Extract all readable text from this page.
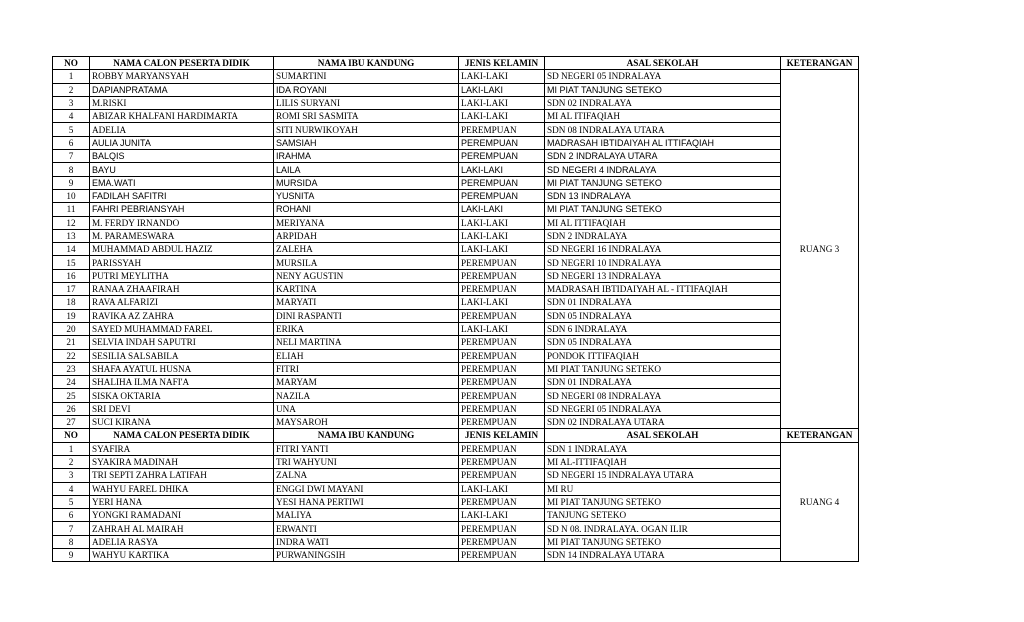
NO	NAMA CALON PESERTA DIDIK	NAMA IBU KANDUNG	JENIS KELAMIN	ASAL SEKOLAH	KETERANGAN
1	ROBBY MARYANSYAH	SUMARTINI	LAKI-LAKI	SD NEGERI 05 INDRALAYA	RUANG 3
2	DAPIANPRATAMA	IDA ROYANI	LAKI-LAKI	MI PIAT TANJUNG SETEKO	
3	M.RISKI	LILIS SURYANI	LAKI-LAKI	SDN 02 INDRALAYA	
4	ABIZAR KHALFANI HARDIMARTA	ROMI SRI SASMITA	LAKI-LAKI	MI AL ITIFAQIAH	
5	ADELIA	SITI NURWIKOYAH	PEREMPUAN	SDN 08 INDRALAYA UTARA	
6	AULIA JUNITA	SAMSIAH	PEREMPUAN	MADRASAH IBTIDAIYAH AL ITTIFAQIAH	
7	BALQIS	IRAHMA	PEREMPUAN	SDN 2 INDRALAYA UTARA	
8	BAYU	LAILA	LAKI-LAKI	SD NEGERI 4 INDRALAYA	
9	EMA.WATI	MURSIDA	PEREMPUAN	MI PIAT TANJUNG SETEKO	
10	FADILAH SAFITRI	YUSNITA	PEREMPUAN	SDN 13 INDRALAYA	
11	FAHRI PEBRIANSYAH	ROHANI	LAKI-LAKI	MI PIAT TANJUNG SETEKO	
12	M. FERDY IRNANDO	MERIYANA	LAKI-LAKI	MI AL ITTIFAQIAH	
13	M. PARAMESWARA	ARPIDAH	LAKI-LAKI	SDN 2 INDRALAYA	
14	MUHAMMAD ABDUL HAZIZ	ZALEHA	LAKI-LAKI	SD NEGERI 16 INDRALAYA	
15	PARISSYAH	MURSILA	PEREMPUAN	SD NEGERI 10 INDRALAYA	
16	PUTRI MEYLITHA	NENY AGUSTIN	PEREMPUAN	SD NEGERI 13 INDRALAYA	
17	RANAA ZHAAFIRAH	KARTINA	PEREMPUAN	MADRASAH IBTIDAIYAH AL - ITTIFAQIAH	
18	RAVA ALFARIZI	MARYATI	LAKI-LAKI	SDN 01 INDRALAYA	
19	RAVIKA AZ ZAHRA	DINI RASPANTI	PEREMPUAN	SDN 05 INDRALAYA	
20	SAYED MUHAMMAD FAREL	ERIKA	LAKI-LAKI	SDN 6 INDRALAYA	
21	SELVIA INDAH SAPUTRI	NELI MARTINA	PEREMPUAN	SDN 05 INDRALAYA	
22	SESILIA SALSABILA	ELIAH	PEREMPUAN	PONDOK ITTIFAQIAH	
23	SHAFA AYATUL HUSNA	FITRI	PEREMPUAN	MI PIAT TANJUNG SETEKO	
24	SHALIHA ILMA NAFI'A	MARYAM	PEREMPUAN	SDN 01 INDRALAYA	
25	SISKA OKTARIA	NAZILA	PEREMPUAN	SD NEGERI 08 INDRALAYA	
26	SRI DEVI	UNA	PEREMPUAN	SD NEGERI 05 INDRALAYA	
27	SUCI KIRANA	MAYSAROH	PEREMPUAN	SDN 02 INDRALAYA UTARA	
NO	NAMA CALON PESERTA DIDIK	NAMA IBU KANDUNG	JENIS KELAMIN	ASAL SEKOLAH	KETERANGAN
1	SYAFIRA	FITRI YANTI	PEREMPUAN	SDN 1 INDRALAYA	RUANG 4
2	SYAKIRA MADINAH	TRI WAHYUNI	PEREMPUAN	MI AL-ITTIFAQIAH	
3	TRI SEPTI ZAHRA LATIFAH	ZALNA	PEREMPUAN	SD NEGERI 15 INDRALAYA UTARA	
4	WAHYU FAREL DHIKA	ENGGI DWI MAYANI	LAKI-LAKI	MI RU	
5	YERI HANA	YESI HANA PERTIWI	PEREMPUAN	MI PIAT TANJUNG SETEKO	
6	YONGKI RAMADANI	MALIYA	LAKI-LAKI	TANJUNG SETEKO	
7	ZAHRAH AL MAIRAH	ERWANTI	PEREMPUAN	SD N 08. INDRALAYA. OGAN ILIR	
8	ADELIA RASYA	INDRA WATI	PEREMPUAN	MI PIAT TANJUNG SETEKO	
9	WAHYU KARTIKA	PURWANINGSIH	PEREMPUAN	SDN 14 INDRALAYA UTARA	
